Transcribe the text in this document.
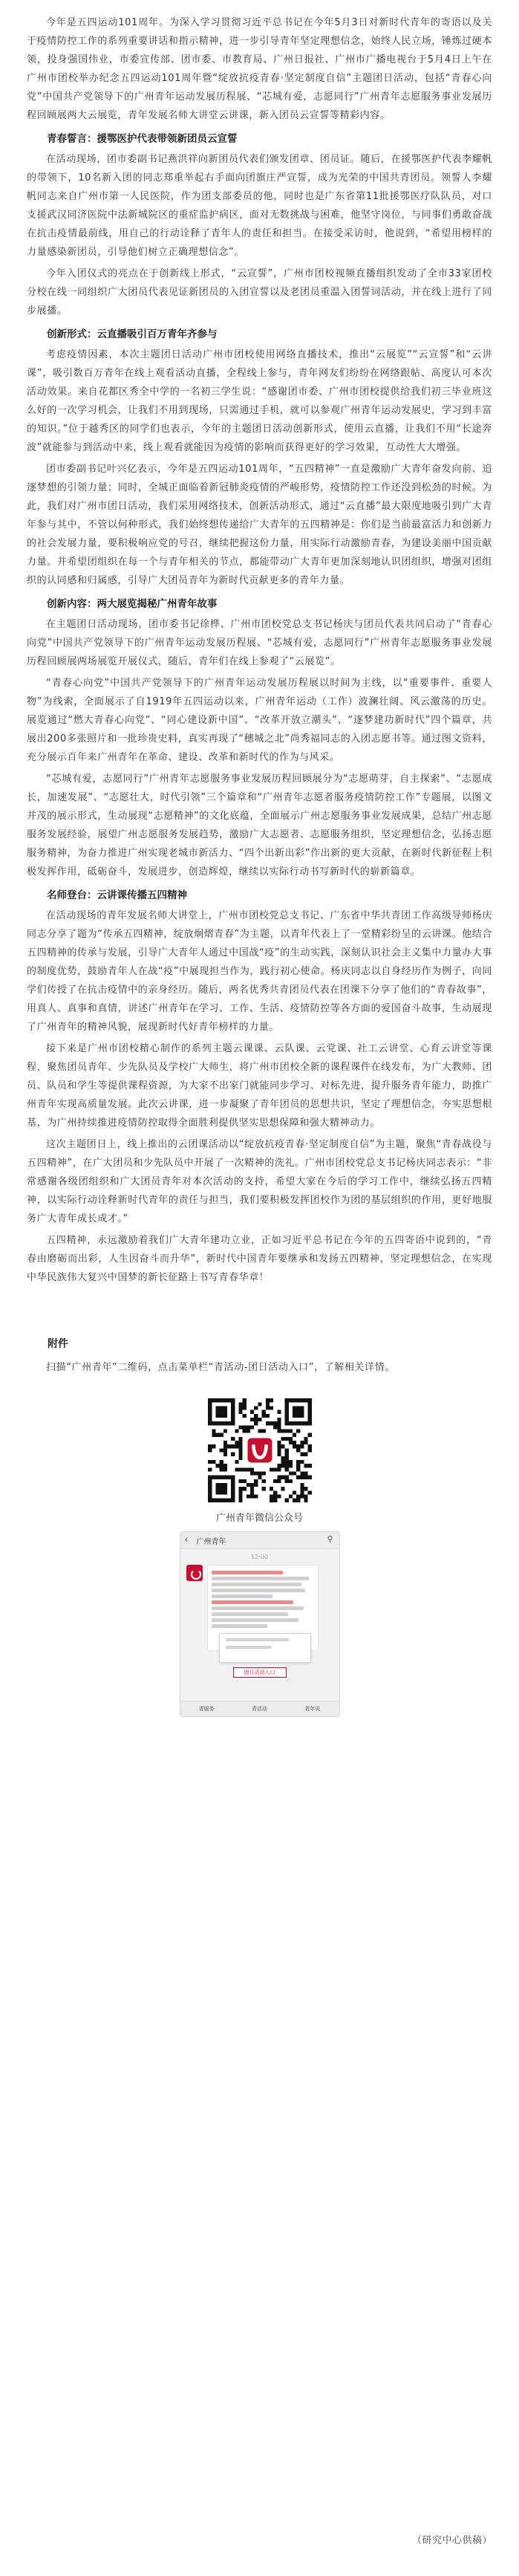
今年是五四运动101周年。为深入学习贯彻习近平总书记在今年5月3日对新时代青年的寄语以及关于疫情防控工作的系列重要讲话和指示精神，进一步引导青年坚定理想信念，始终人民立场，锤炼过硬本领，投身强国伟业，市委宣传部、团市委、市教育局、广州日报社、广州市广播电视台于5月4日上午在广州市团校举办纪念五四运动101周年暨“绽放抗疫青春·坚定制度自信”主题团日活动，包括“青春心向党”中国共产党领导下的广州青年运动发展历程展、“芯城有爱，志愿同行”广州青年志愿服务事业发展历程回顾展两大云展览，青年发展名师大讲堂云讲课，新入团员云宣誓等精彩内容。

青春誓言：援鄂医护代表带领新团员云宣誓

在活动现场，团市委副书记燕洪祥向新团员代表们颁发团章、团员证。随后，在援鄂医护代表李耀帆的带领下，10名新入团的同志郑重举起右手面向团旗庄严宣誓，成为光荣的中国共青团员。领誓人李耀帆同志来自广州市第一人民医院，作为团支部委员的他，同时也是广东省第11批援鄂医疗队队员，对口支援武汉同济医院中法新城院区的重症监护病区，面对无数挑战与困难，他坚守岗位，与同事们勇敢奋战在抗击疫情最前线，用自己的行动诠释了青年人的责任和担当。在接受采访时，他说到，“希望用榜样的力量感染新团员，引导他们树立正确理想信念”。

今年入团仪式的亮点在于创新线上形式，“云宣誓”，广州市团校视频直播组织发动了全市33家团校分校在线一同组织广大团员代表见证新团员的入团宣誓以及老团员重温入团誓词活动，并在线上进行了同步展播。

创新形式：云直播吸引百万青年齐参与

考虑疫情因素，本次主题团日活动广州市团校使用网络直播技术，推出“云展览”“云宣誓”和“云讲课”，吸引数百万青年在线上观看活动直播，全程线上参与，青年网友们纷纷在网络跟帖、高度认可本次活动效果。来自花都区秀全中学的一名初三学生说：“感谢团市委、广州市团校提供给我们初三毕业班这么好的一次学习机会，让我们不用到现场，只需通过手机，就可以参观广州青年运动发展史，学习到丰富的知识。”位于越秀区的同学们也表示，今年的主题团日活动创新形式，使用云直播，让我们不用“长途奔波”就能参与到活动中来，线上观看就能因为疫情的影响而获得更好的学习效果，互动性大大增强。

团市委副书记叶兴亿表示，今年是五四运动101周年，“五四精神”一直是激励广大青年奋发向前、追逐梦想的引领力量；同时，全城正面临着新冠肺炎疫情的严峻形势，疫情防控工作还没到松劲的时候。为此，我们对广州市团日活动，我们采用网络技术，创新活动形式，通过“云直播”最大限度地吸引到广大青年参与其中，不管以何种形式，我们始终想传递给广大青年的五四精神是：你们是当前最富活力和创新力的社会发展力量，要积极响应党的号召，继续把握这份力量，用实际行动激励青春，为建设美丽中国贡献力量。并希望团组织在每一个与青年相关的节点，都能带动广大青年更加深刻地认识团组织，增强对团组织的认同感和归属感，引导广大团员青年为新时代贡献更多的青年力量。

创新内容：两大展览揭秘广州青年故事

在主题团日活动现场，团市委书记徐桦、广州市团校党总支书记杨庆与团员代表共同启动了“青春心向党”中国共产党领导下的广州青年运动发展历程展、“芯城有爱，志愿同行”广州青年志愿服务事业发展历程回顾展两场展览开展仪式，随后，青年们在线上参观了“云展览”。

“青春心向党”中国共产党领导下的广州青年运动发展历程展以时间为主线，以“重要事件、重要人物”为线索，全面展示了自1919年五四运动以来，广州青年运动（工作）波澜壮阔、风云激荡的历史。展览通过“燃大青春心向党”、“同心建设新中国”、“改革开放立潮头”、“逐梦建功新时代”四个篇章，共展出200多张照片和一批珍贵史料，真实再现了“穗城之北”尚秀福同志的入团志愿书等。通过图文资料，充分展示百年来广州青年在革命、建设、改革和新时代的作为与风采。

“芯城有爱，志愿同行”广州青年志愿服务事业发展历程回顾展分为“志愿萌芽，自主探索”、“志愿成长，加速发展”、“志愿壮大，时代引领”三个篇章和“广州青年志愿者服务疫情防控工作”专题展，以图文并茂的展示形式，生动展现“志愿精神”的文化底蕴，全面展示广州志愿服务事业发展成果，总结广州志愿服务发展经验，展望广州志愿服务发展趋势，激励广大志愿者、志愿服务组织，坚定理想信念，弘扬志愿服务精神，为奋力推进广州实现老城市新活力、“四个出新出彩”作出新的更大贡献，在新时代新征程上积极发挥作用，砥砺奋斗，发展进步，创造辉煌，继续以实际行动书写新时代的崭新篇章。

名师登台：云讲课传播五四精神

在活动现场的青年发展名师大讲堂上，广州市团校党总支书记、广东省中华共青团工作高级导师杨庆同志分享了题为“传承五四精神，绽放炯熠青春”为主题，以青年代表上了一堂精彩纷呈的云讲课。他结合五四精神的传承与发展，引导广大青年人通过中国战“疫”的生动实践，深刻认识社会主义集中力量办大事的制度优势，鼓励青年人在战“疫”中展现担当作为，践行初心使命。杨庆同志以自身经历作为例子，向同学们传授了在抗击疫情中的亲身经历。随后，两名优秀共青团员代表在团课下分享了他们的“青春故事”，用真人、真事和真情，讲述广州青年在学习、工作、生活、疫情防控等各方面的爱国奋斗故事，生动展现了广州青年的精神风貌，展现新时代好青年榜样的力量。

接下来是广州市团校精心制作的系列主题云课课、云队课、云党课、社工云讲堂、心育云讲堂等课程，聚焦团员青年、少先队员及学校广大师生，将广州市团校全新的课程课件在线发布，为广大教师、团员、队员和学生等提供课程资源，为大家不出家门就能同步学习、对标先进，提升服务青年能力，助推广州青年实现高质量发展。此次云讲课，进一步凝聚了青年团员的思想共识，坚定了理想信念，夯实思想根基，为广州持续推进疫情防控取得全面胜利提供坚实思想保障和强大精神动力。

这次主题团日上，线上推出的云团课活动以“绽放抗疫青春·坚定制度自信”为主题，聚焦“青春战役与五四精神”，在广大团员和少先队员中开展了一次精神的洗礼。广州市团校党总支书记杨庆同志表示：“非常感谢各级团组织和广大团员青年对本次活动的支持，希望大家在今后的学习工作中，继续弘扬五四精神，以实际行动诠释新时代青年的责任与担当，我们要积极发挥团校作为团的基层组织的作用，更好地服务广大青年成长成才。”

五四精神，永远激励着我们广大青年建功立业，正如习近平总书记在今年的五四寄语中说到的，“青春由磨砺而出彩，人生因奋斗而升华”，新时代中国青年要继承和发扬五四精神，坚定理想信念，在实现中华民族伟大复兴中国梦的新长征路上书写青春华章！

附件

扫描“广州青年”二维码，点击菜单栏“青活动-团日活动入口”，了解相关详情。

广州青年微信公众号
‹ 广州青年	⚲
12:00
团日活动入口
青服务	青活动	青年说
（研究中心供稿）
